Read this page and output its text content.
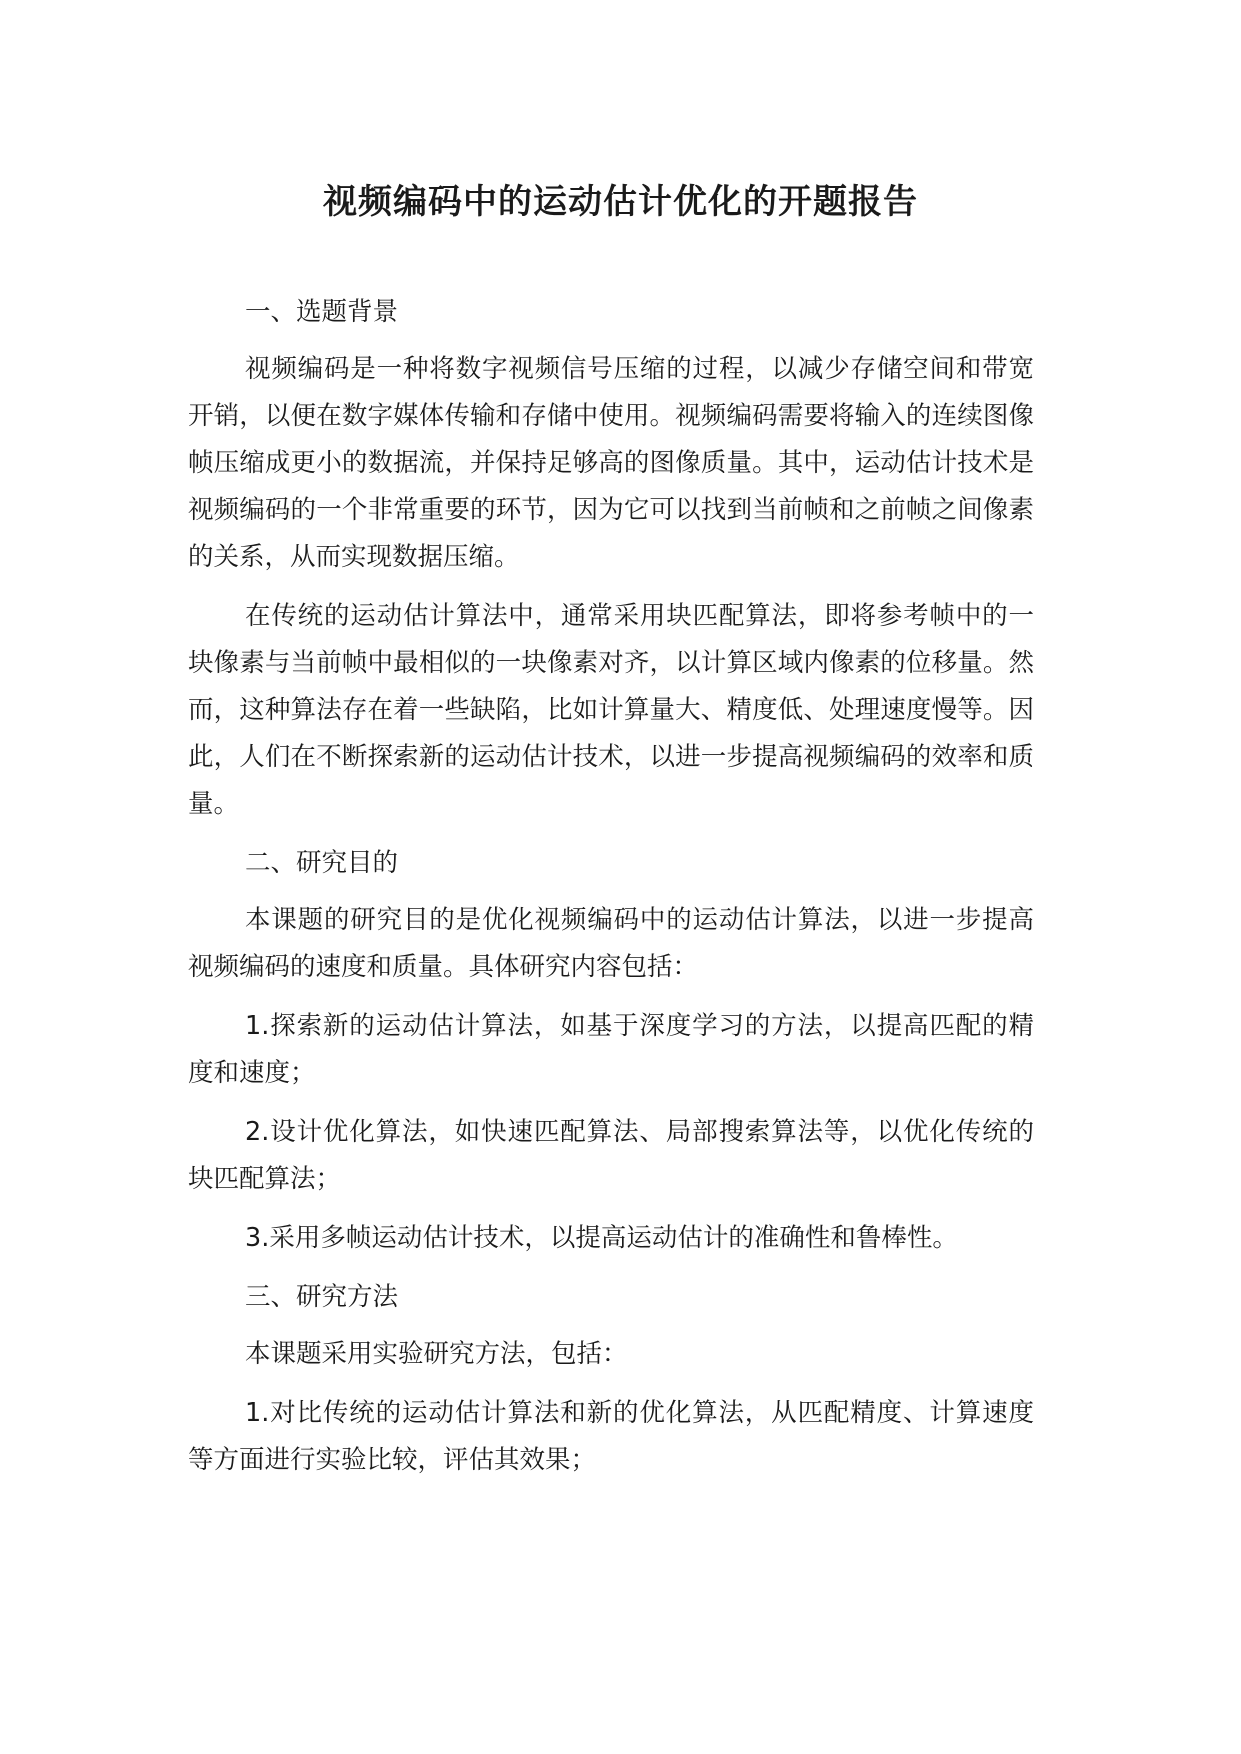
视频编码中的运动估计优化的开题报告

一、选题背景

视频编码是一种将数字视频信号压缩的过程，以减少存储空间和带宽开销，以便在数字媒体传输和存储中使用。视频编码需要将输入的连续图像帧压缩成更小的数据流，并保持足够高的图像质量。其中，运动估计技术是视频编码的一个非常重要的环节，因为它可以找到当前帧和之前帧之间像素的关系，从而实现数据压缩。

在传统的运动估计算法中，通常采用块匹配算法，即将参考帧中的一块像素与当前帧中最相似的一块像素对齐，以计算区域内像素的位移量。然而，这种算法存在着一些缺陷，比如计算量大、精度低、处理速度慢等。因此，人们在不断探索新的运动估计技术，以进一步提高视频编码的效率和质量。

二、研究目的

本课题的研究目的是优化视频编码中的运动估计算法，以进一步提高视频编码的速度和质量。具体研究内容包括：

1.探索新的运动估计算法，如基于深度学习的方法，以提高匹配的精度和速度；

2.设计优化算法，如快速匹配算法、局部搜索算法等，以优化传统的块匹配算法；

3.采用多帧运动估计技术，以提高运动估计的准确性和鲁棒性。

三、研究方法

本课题采用实验研究方法，包括：

1.对比传统的运动估计算法和新的优化算法，从匹配精度、计算速度等方面进行实验比较，评估其效果；
